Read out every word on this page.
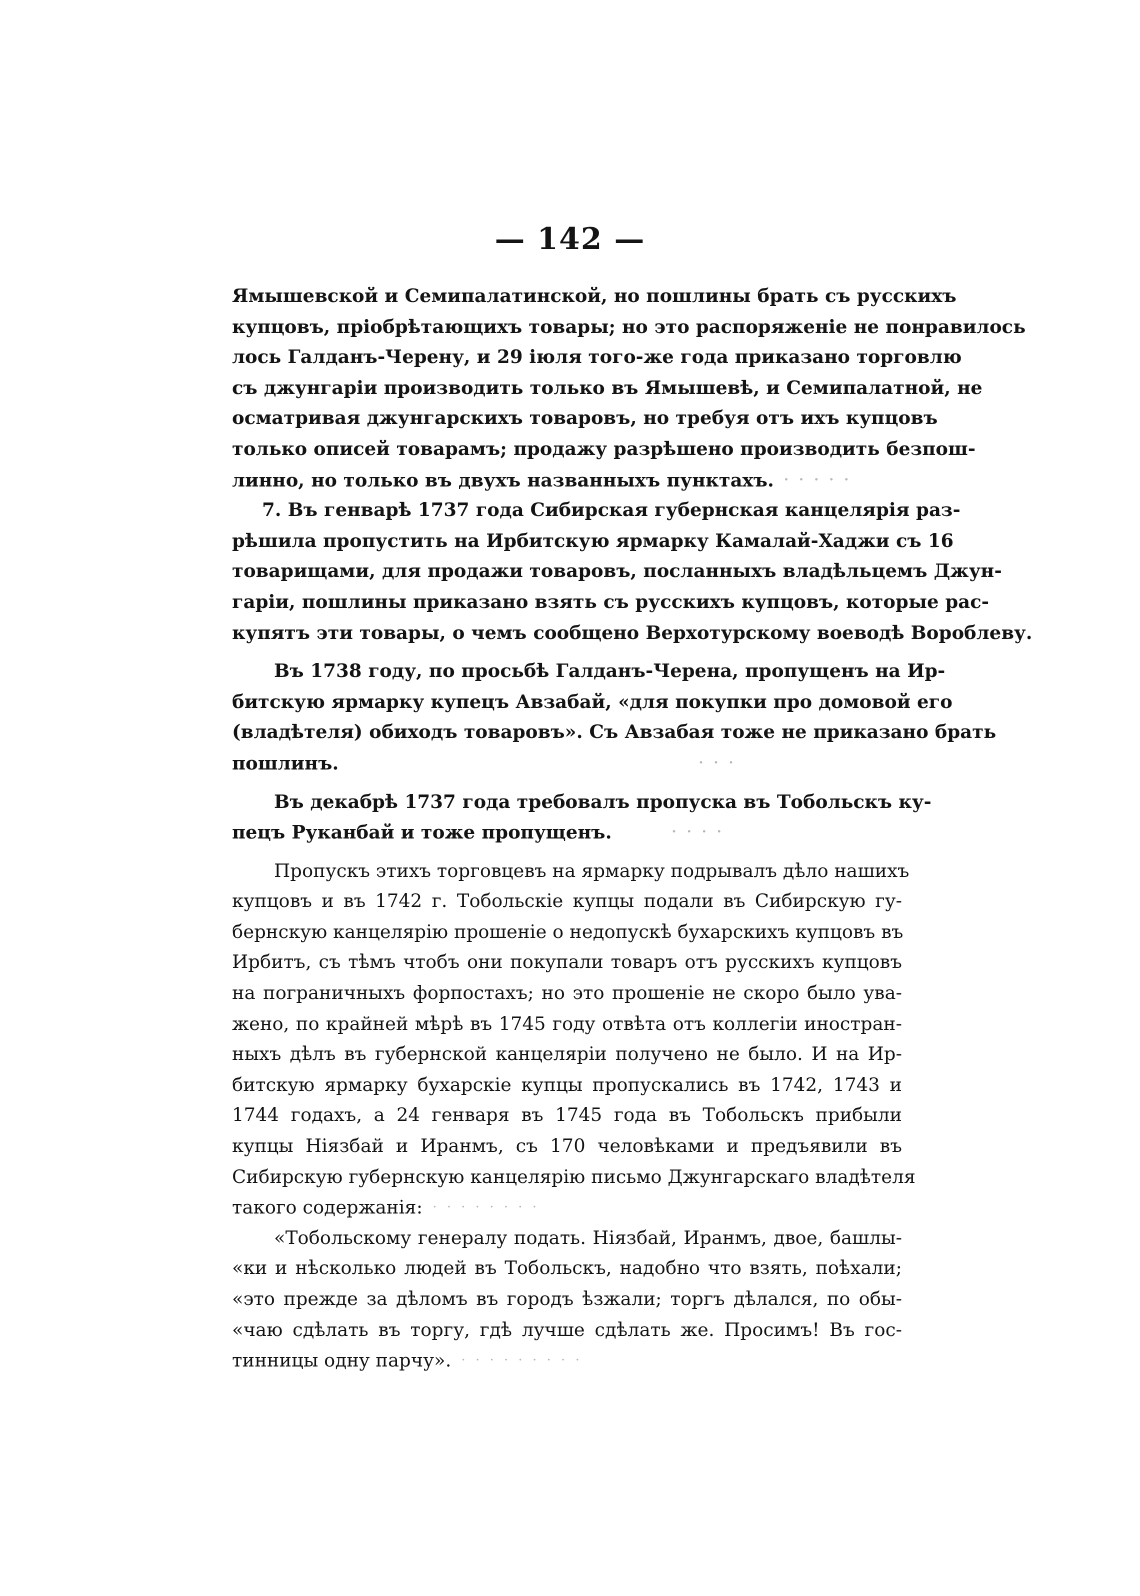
— 142 —
Ямышевской и Семипалатинской, но пошлины брать съ русскихъ
купцовъ, пріобрѣтающихъ товары; но это распоряженіе не понравилось
лось Галданъ-Черену, и 29 іюля того-же года приказано торговлю
съ джунгаріи производить только въ Ямышевѣ, и Семипалатной, не
осматривая джунгарскихъ товаровъ, но требуя отъ ихъ купцовъ
только описей товарамъ; продажу разрѣшено производить безпош-
линно, но только въ двухъ названныхъ пунктахъ. · · · · ·
7. Въ генварѣ 1737 года Сибирская губернская канцелярія раз-
рѣшила пропустить на Ирбитскую ярмарку Камалай-Хаджи съ 16
товарищами, для продажи товаровъ, посланныхъ владѣльцемъ Джун-
гаріи, пошлины приказано взять съ русскихъ купцовъ, которые рас-
купятъ эти товары, о чемъ сообщено Верхотурскому воеводѣ Вороблеву.
Въ 1738 году, по просьбѣ Галданъ-Черена, пропущенъ на Ир-
битскую ярмарку купецъ Авзабай, «для покупки про домовой его
(владѣтеля) обиходъ товаровъ». Съ Авзабая тоже не приказано брать
пошлинъ.	· · ·
Въ декабрѣ 1737 года требовалъ пропуска въ Тобольскъ ку-
пецъ Руканбай и тоже пропущенъ.	· · · ·
Пропускъ этихъ торговцевъ на ярмарку подрывалъ дѣло нашихъ
купцовъ и въ 1742 г. Тобольскіе купцы подали въ Сибирскую гу-
бернскую канцелярію прошеніе о недопускѣ бухарскихъ купцовъ въ
Ирбитъ, съ тѣмъ чтобъ они покупали товаръ отъ русскихъ купцовъ
на пограничныхъ форпостахъ; но это прошеніе не скоро было ува-
жено, по крайней мѣрѣ въ 1745 году отвѣта отъ коллегіи иностран-
ныхъ дѣлъ въ губернской канцеляріи получено не было. И на Ир-
битскую ярмарку бухарскіе купцы пропускались въ 1742, 1743 и
1744 годахъ, а 24 генваря въ 1745 года въ Тобольскъ прибыли
купцы Ніязбай и Иранмъ, съ 170 человѣками и предъявили въ
Сибирскую губернскую канцелярію письмо Джунгарскаго владѣтеля
такого содержанія: · · · · · · · ·
«Тобольскому генералу подать. Ніязбай, Иранмъ, двое, башлы-
«ки и нѣсколько людей въ Тобольскъ, надобно что взять, поѣхали;
«это прежде за дѣломъ въ городъ ѣзжали; торгъ дѣлался, по обы-
«чаю сдѣлать въ торгу, гдѣ лучше сдѣлать же. Просимъ! Въ гос-
тинницы одну парчу». · · · · · · · · ·
